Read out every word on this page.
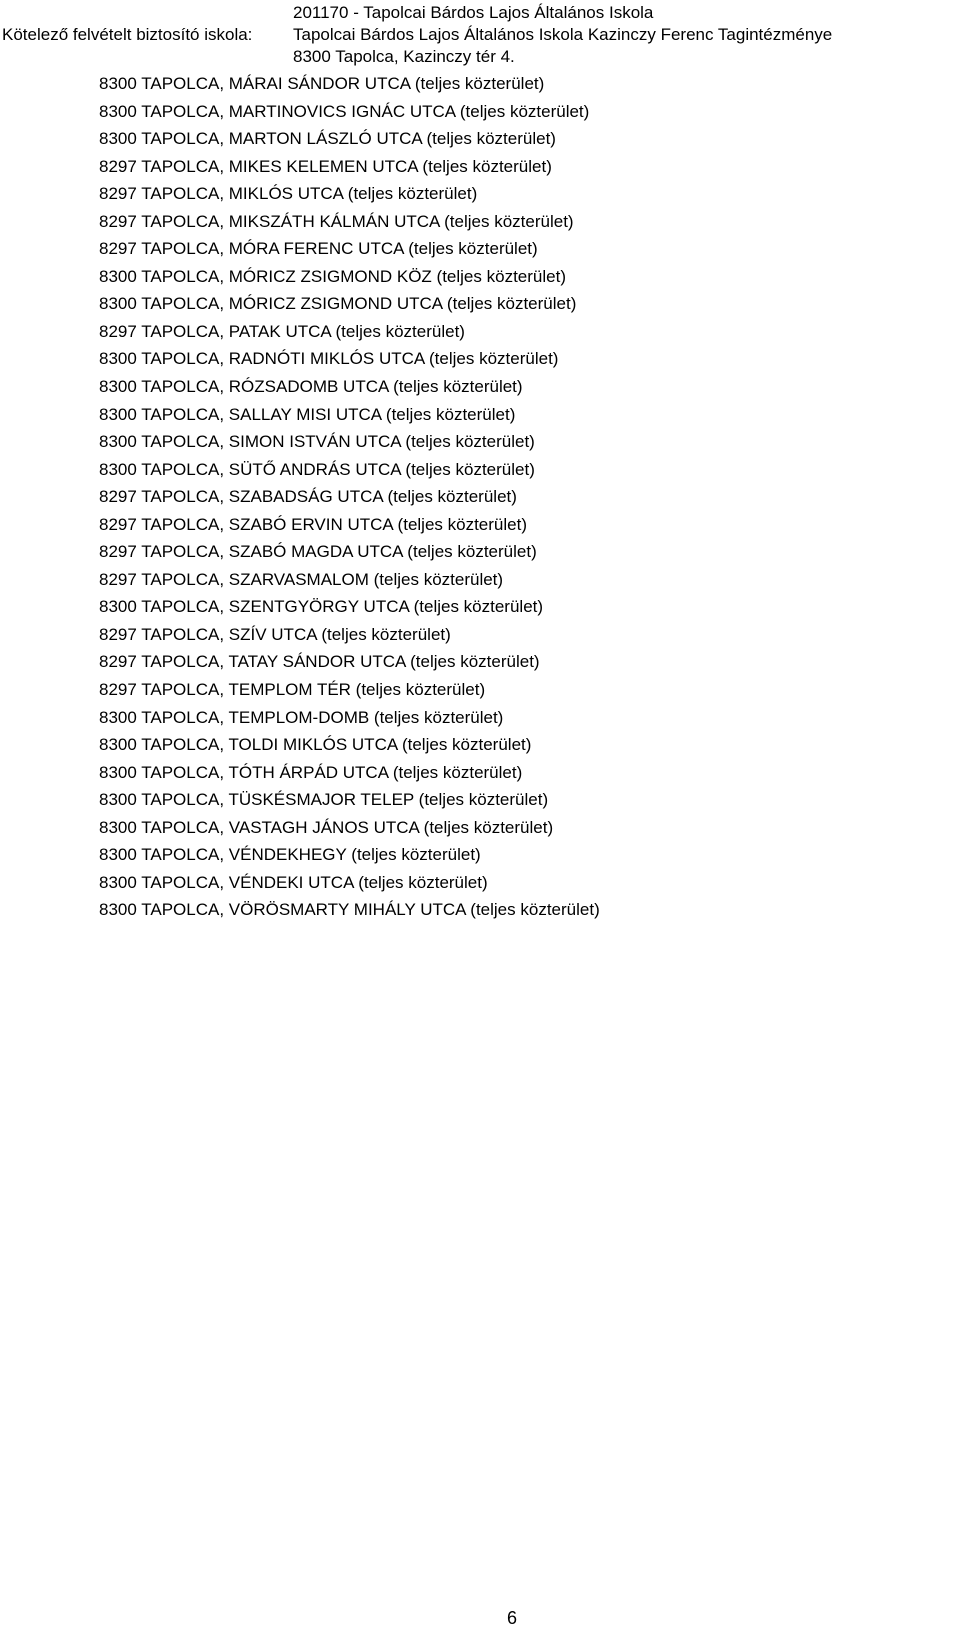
Kötelező felvételt biztosító iskola:
201170 - Tapolcai Bárdos Lajos Általános Iskola
Tapolcai Bárdos Lajos Általános Iskola Kazinczy Ferenc Tagintézménye
8300 Tapolca, Kazinczy tér 4.
8300 TAPOLCA, MÁRAI SÁNDOR UTCA (teljes közterület)
8300 TAPOLCA, MARTINOVICS IGNÁC UTCA (teljes közterület)
8300 TAPOLCA, MARTON LÁSZLÓ UTCA (teljes közterület)
8297 TAPOLCA, MIKES KELEMEN UTCA (teljes közterület)
8297 TAPOLCA, MIKLÓS UTCA (teljes közterület)
8297 TAPOLCA, MIKSZÁTH KÁLMÁN UTCA (teljes közterület)
8297 TAPOLCA, MÓRA FERENC UTCA (teljes közterület)
8300 TAPOLCA, MÓRICZ ZSIGMOND KÖZ (teljes közterület)
8300 TAPOLCA, MÓRICZ ZSIGMOND UTCA (teljes közterület)
8297 TAPOLCA, PATAK UTCA (teljes közterület)
8300 TAPOLCA, RADNÓTI MIKLÓS UTCA (teljes közterület)
8300 TAPOLCA, RÓZSADOMB UTCA (teljes közterület)
8300 TAPOLCA, SALLAY MISI UTCA (teljes közterület)
8300 TAPOLCA, SIMON ISTVÁN UTCA (teljes közterület)
8300 TAPOLCA, SÜTŐ ANDRÁS UTCA (teljes közterület)
8297 TAPOLCA, SZABADSÁG UTCA (teljes közterület)
8297 TAPOLCA, SZABÓ ERVIN UTCA (teljes közterület)
8297 TAPOLCA, SZABÓ MAGDA UTCA (teljes közterület)
8297 TAPOLCA, SZARVASMALOM (teljes közterület)
8300 TAPOLCA, SZENTGYÖRGY UTCA (teljes közterület)
8297 TAPOLCA, SZÍV UTCA (teljes közterület)
8297 TAPOLCA, TATAY SÁNDOR UTCA (teljes közterület)
8297 TAPOLCA, TEMPLOM TÉR (teljes közterület)
8300 TAPOLCA, TEMPLOM-DOMB (teljes közterület)
8300 TAPOLCA, TOLDI MIKLÓS UTCA (teljes közterület)
8300 TAPOLCA, TÓTH ÁRPÁD UTCA (teljes közterület)
8300 TAPOLCA, TÜSKÉSMAJOR TELEP (teljes közterület)
8300 TAPOLCA, VASTAGH JÁNOS UTCA (teljes közterület)
8300 TAPOLCA, VÉNDEKHEGY (teljes közterület)
8300 TAPOLCA, VÉNDEKI UTCA (teljes közterület)
8300 TAPOLCA, VÖRÖSMARTY MIHÁLY UTCA (teljes közterület)
6
